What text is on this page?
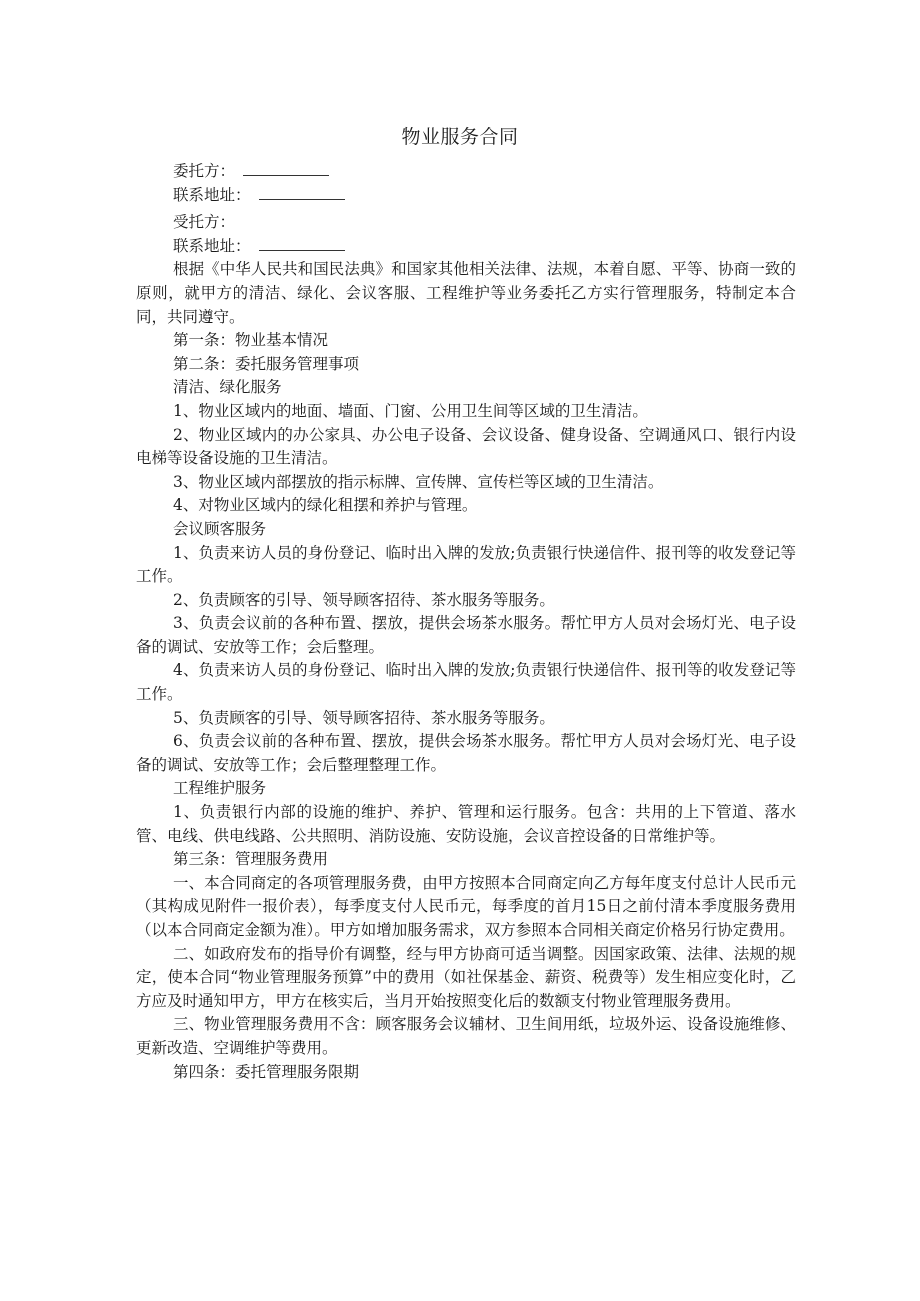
物业服务合同
委托方：
联系地址：
受托方：
联系地址：

根据《中华人民共和国民法典》和国家其他相关法律、法规，本着自愿、平等、协商一致的原则，就甲方的清洁、绿化、会议客服、工程维护等业务委托乙方实行管理服务，特制定本合同，共同遵守。

第一条：物业基本情况

第二条：委托服务管理事项

清洁、绿化服务

1、物业区域内的地面、墙面、门窗、公用卫生间等区域的卫生清洁。

2、物业区域内的办公家具、办公电子设备、会议设备、健身设备、空调通风口、银行内设电梯等设备设施的卫生清洁。

3、物业区域内部摆放的指示标牌、宣传牌、宣传栏等区域的卫生清洁。

4、对物业区域内的绿化租摆和养护与管理。

会议顾客服务

1、负责来访人员的身份登记、临时出入牌的发放;负责银行快递信件、报刊等的收发登记等工作。

2、负责顾客的引导、领导顾客招待、茶水服务等服务。

3、负责会议前的各种布置、摆放，提供会场茶水服务。帮忙甲方人员对会场灯光、电子设备的调试、安放等工作；会后整理。

4、负责来访人员的身份登记、临时出入牌的发放;负责银行快递信件、报刊等的收发登记等工作。

5、负责顾客的引导、领导顾客招待、茶水服务等服务。

6、负责会议前的各种布置、摆放，提供会场茶水服务。帮忙甲方人员对会场灯光、电子设备的调试、安放等工作；会后整理整理工作。

工程维护服务

1、负责银行内部的设施的维护、养护、管理和运行服务。包含：共用的上下管道、落水管、电线、供电线路、公共照明、消防设施、安防设施，会议音控设备的日常维护等。

第三条：管理服务费用

一、本合同商定的各项管理服务费，由甲方按照本合同商定向乙方每年度支付总计人民币元（其构成见附件一报价表），每季度支付人民币元，每季度的首月15日之前付清本季度服务费用（以本合同商定金额为准）。甲方如增加服务需求，双方参照本合同相关商定价格另行协定费用。

二、如政府发布的指导价有调整，经与甲方协商可适当调整。因国家政策、法律、法规的规定，使本合同“物业管理服务预算”中的费用（如社保基金、薪资、税费等）发生相应变化时，乙方应及时通知甲方，甲方在核实后，当月开始按照变化后的数额支付物业管理服务费用。

三、物业管理服务费用不含：顾客服务会议辅材、卫生间用纸，垃圾外运、设备设施维修、更新改造、空调维护等费用。

第四条：委托管理服务限期
